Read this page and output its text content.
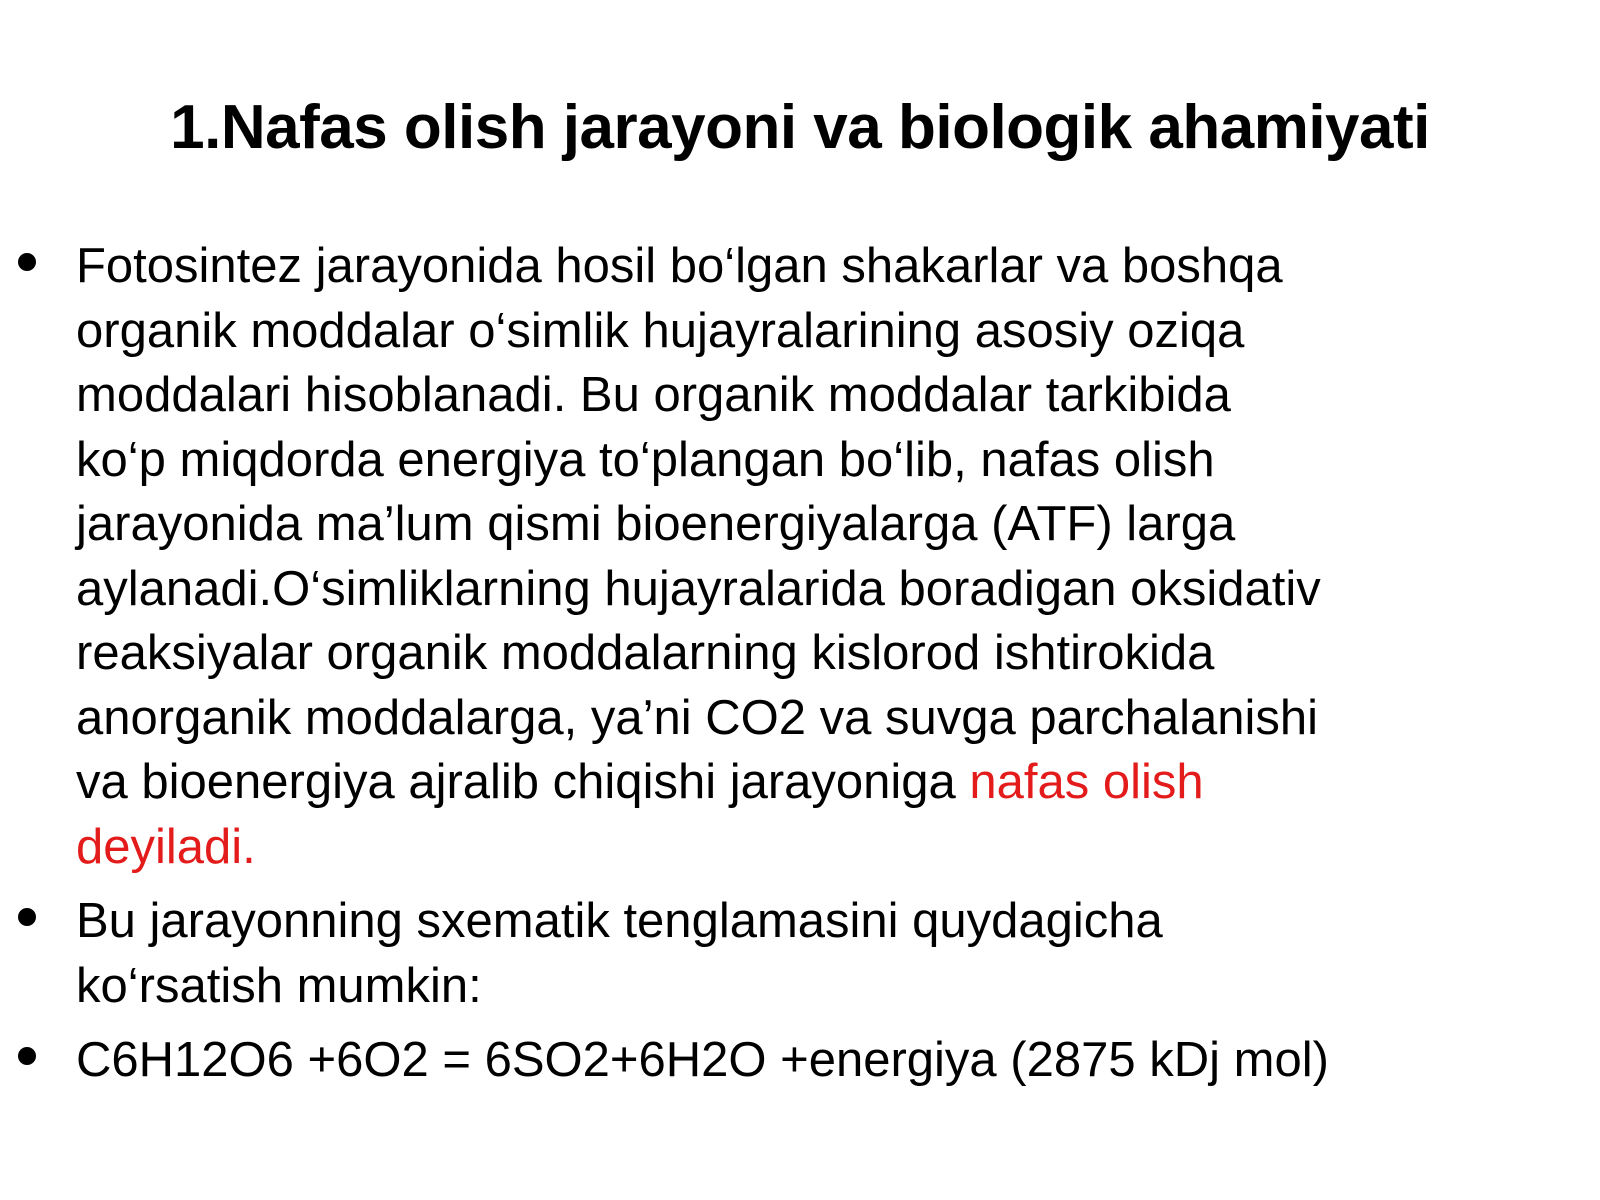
1.Nafas olish jarayoni va biologik ahamiyati
Fotosintez jarayonida hosil bo‘lgan shakarlar va boshqa
organik moddalar o‘simlik hujayralarining asosiy oziqa
moddalari hisoblanadi. Bu organik moddalar tarkibida
ko‘p miqdorda energiya to‘plangan bo‘lib, nafas olish
jarayonida ma’lum qismi bioenergiyalarga (ATF) larga
aylanadi.O‘simliklarning hujayralarida boradigan oksidativ
reaksiyalar organik moddalarning kislorod ishtirokida
anorganik moddalarga, ya’ni CO2 va suvga parchalanishi
va bioenergiya ajralib chiqishi jarayoniga nafas olish
deyiladi.
Bu jarayonning sxematik tenglamasini quydagicha
ko‘rsatish mumkin:
C6H12O6 +6O2 = 6SO2+6H2O +energiya (2875 kDj mol)
